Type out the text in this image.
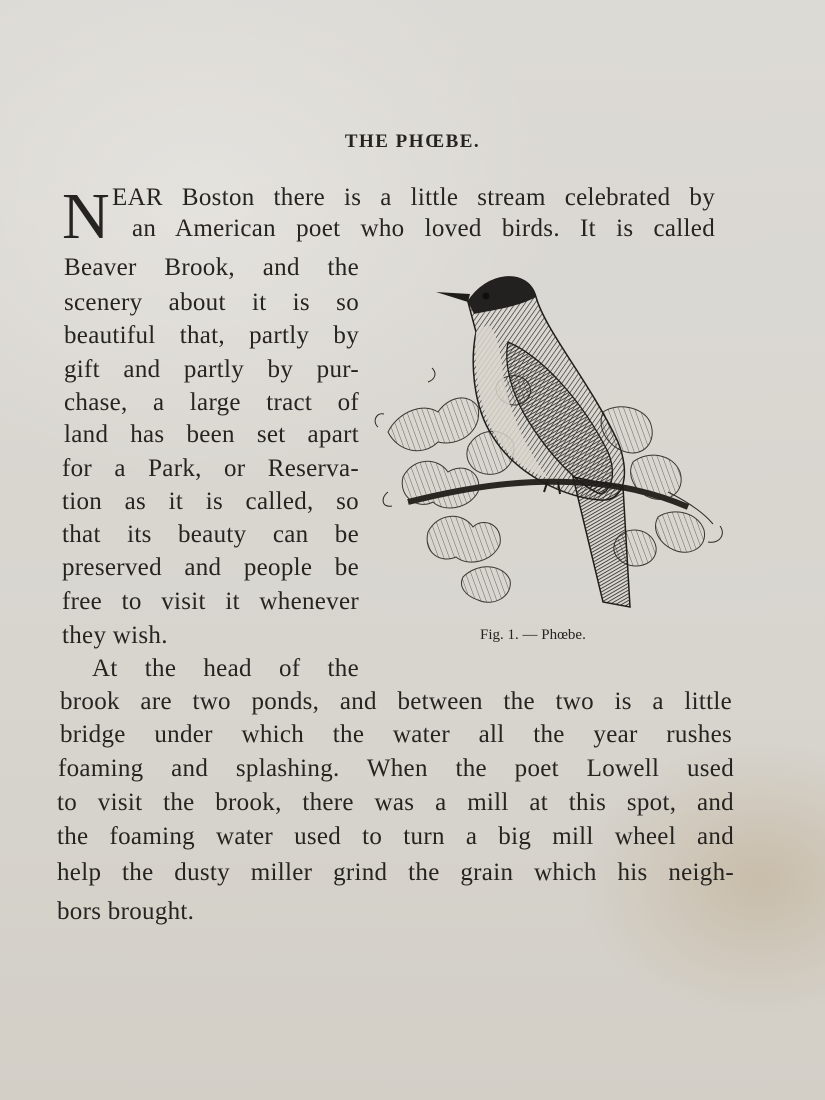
THE PHŒBE.
N EAR Boston there is a little stream celebrated by
an American poet who loved birds. It is called
Beaver Brook, and the
scenery about it is so
beautiful that, partly by
gift and partly by pur-
chase, a large tract of
land has been set apart
for a Park, or Reserva-
tion as it is called, so
that its beauty can be
preserved and people be
free to visit it whenever
they wish.
At the head of the
brook are two ponds, and between the two is a little
bridge under which the water all the year rushes
foaming and splashing. When the poet Lowell used
to visit the brook, there was a mill at this spot, and
the foaming water used to turn a big mill wheel and
help the dusty miller grind the grain which his neigh-
bors brought.
Fig. 1. — Phœbe.
